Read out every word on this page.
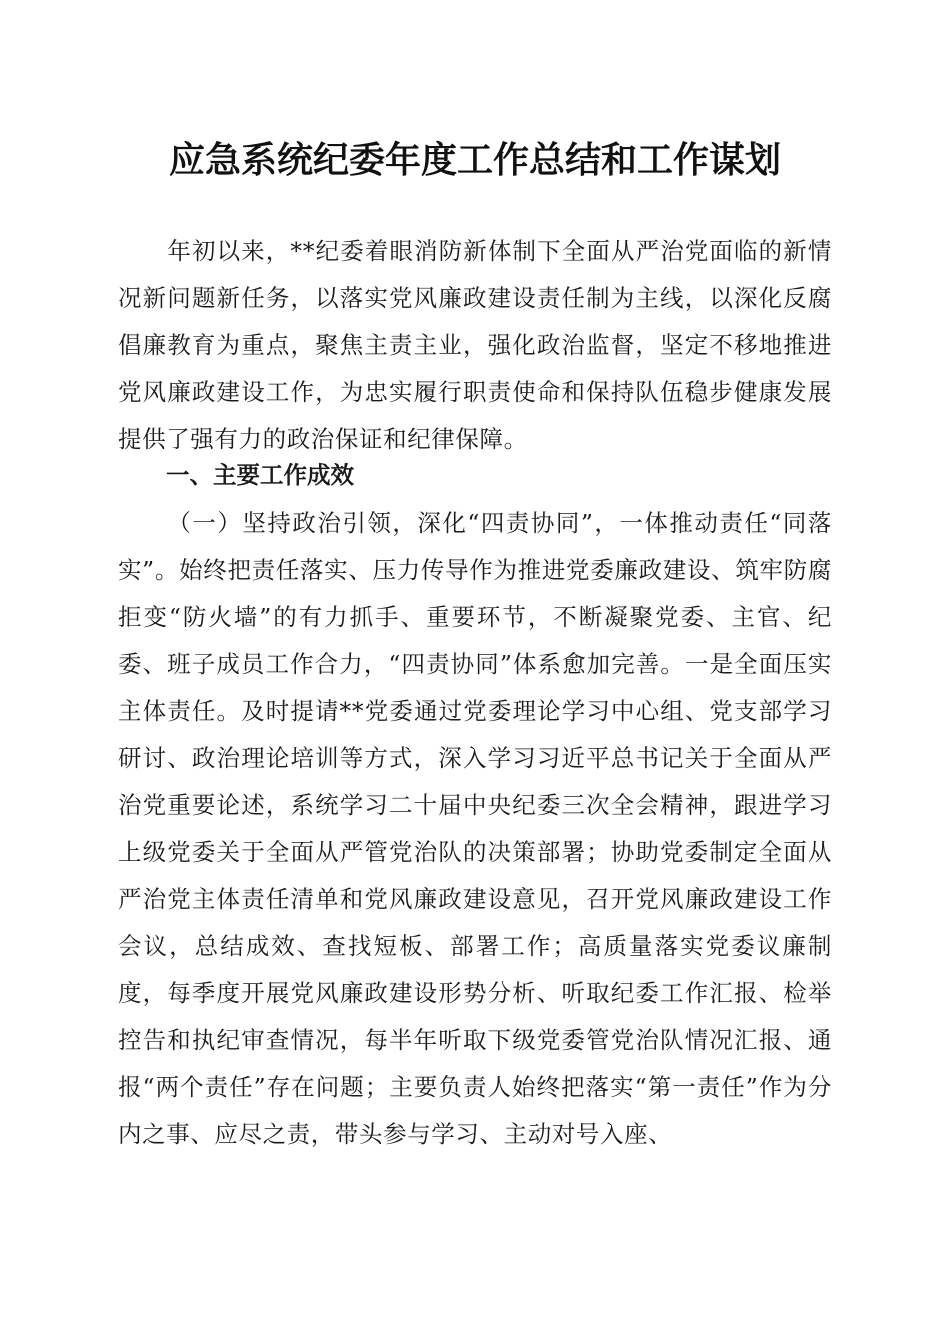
应急系统纪委年度工作总结和工作谋划

年初以来，**纪委着眼消防新体制下全面从严治党面临的新情况新问题新任务，以落实党风廉政建设责任制为主线，以深化反腐倡廉教育为重点，聚焦主责主业，强化政治监督，坚定不移地推进党风廉政建设工作，为忠实履行职责使命和保持队伍稳步健康发展提供了强有力的政治保证和纪律保障。

一、主要工作成效

（一）坚持政治引领，深化“四责协同”，一体推动责任“同落实”。始终把责任落实、压力传导作为推进党委廉政建设、筑牢防腐拒变“防火墙”的有力抓手、重要环节，不断凝聚党委、主官、纪委、班子成员工作合力，“四责协同”体系愈加完善。一是全面压实主体责任。及时提请**党委通过党委理论学习中心组、党支部学习研讨、政治理论培训等方式，深入学习习近平总书记关于全面从严治党重要论述，系统学习二十届中央纪委三次全会精神，跟进学习上级党委关于全面从严管党治队的决策部署；协助党委制定全面从严治党主体责任清单和党风廉政建设意见，召开党风廉政建设工作会议，总结成效、查找短板、部署工作；高质量落实党委议廉制度，每季度开展党风廉政建设形势分析、听取纪委工作汇报、检举控告和执纪审查情况，每半年听取下级党委管党治队情况汇报、通报“两个责任”存在问题；主要负责人始终把落实“第一责任”作为分内之事、应尽之责，带头参与学习、主动对号入座、
